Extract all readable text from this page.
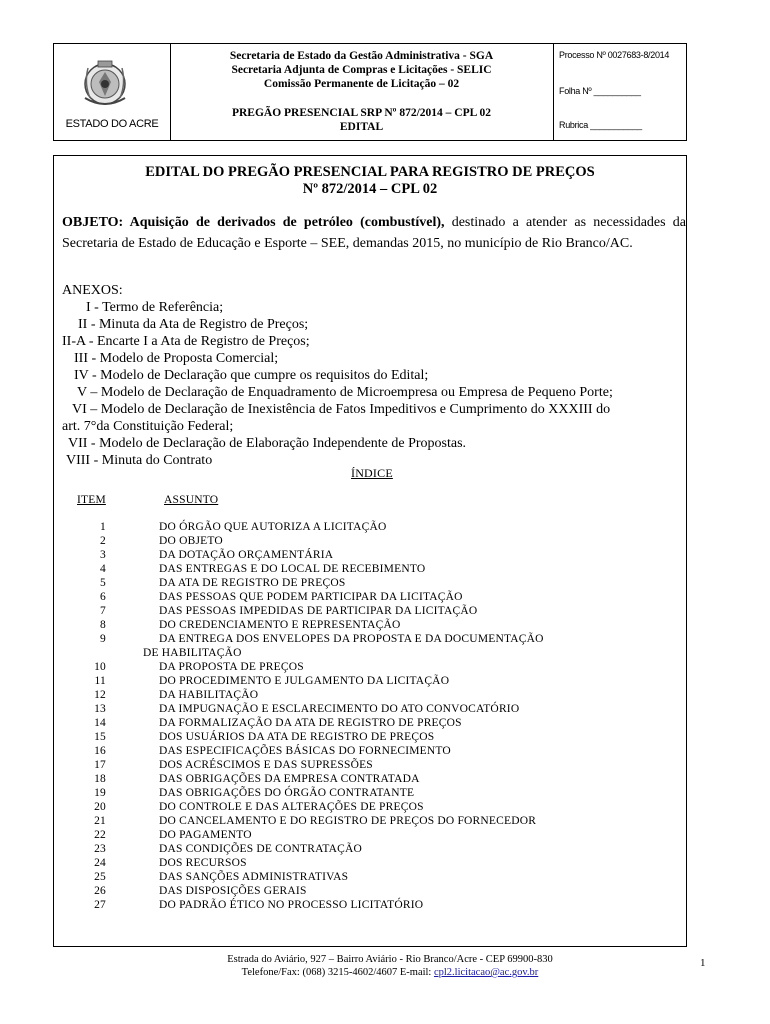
ESTADO DO ACRE
Secretaria de Estado da Gestão Administrativa - SGA
Secretaria Adjunta de Compras e Licitações - SELIC
Comissão Permanente de Licitação – 02
PREGÃO PRESENCIAL SRP Nº 872/2014 – CPL 02
EDITAL
Processo Nº 0027683-8/2014
Folha Nº __________
Rubrica ___________
EDITAL DO PREGÃO PRESENCIAL PARA REGISTRO DE PREÇOS
Nº 872/2014 – CPL 02
OBJETO: Aquisição de derivados de petróleo (combustível), destinado a atender as necessidades da Secretaria de Estado de Educação e Esporte – SEE, demandas 2015, no município de Rio Branco/AC.
ANEXOS:
I - Termo de Referência;
II - Minuta da Ata de Registro de Preços;
II-A - Encarte I a Ata de Registro de Preços;
III - Modelo de Proposta Comercial;
IV - Modelo de Declaração que cumpre os requisitos do Edital;
V – Modelo de Declaração de Enquadramento de Microempresa ou Empresa de Pequeno Porte;
VI – Modelo de Declaração de Inexistência de Fatos Impeditivos e Cumprimento do XXXIII do
art. 7°da Constituição Federal;
VII - Modelo de Declaração de Elaboração Independente de Propostas.
VIII - Minuta do Contrato
ÍNDICE
ITEM	ASSUNTO
1	DO ÓRGÃO QUE AUTORIZA A LICITAÇÃO
2	DO OBJETO
3	DA DOTAÇÃO ORÇAMENTÁRIA
4	DAS ENTREGAS E DO LOCAL DE RECEBIMENTO
5	DA ATA DE REGISTRO DE PREÇOS
6	DAS PESSOAS QUE PODEM PARTICIPAR DA LICITAÇÃO
7	DAS PESSOAS IMPEDIDAS DE PARTICIPAR DA LICITAÇÃO
8	DO CREDENCIAMENTO E REPRESENTAÇÃO
9	DA ENTREGA DOS ENVELOPES DA PROPOSTA E DA DOCUMENTAÇÃO
DE HABILITAÇÃO
10	DA PROPOSTA DE PREÇOS
11	DO PROCEDIMENTO E JULGAMENTO DA LICITAÇÃO
12	DA HABILITAÇÃO
13	DA IMPUGNAÇÃO E ESCLARECIMENTO DO ATO CONVOCATÓRIO
14	DA FORMALIZAÇÃO DA ATA DE REGISTRO DE PREÇOS
15	DOS USUÁRIOS DA ATA DE REGISTRO DE PREÇOS
16	DAS ESPECIFICAÇÕES BÁSICAS DO FORNECIMENTO
17	DOS ACRÉSCIMOS E DAS SUPRESSÕES
18	DAS OBRIGAÇÕES DA EMPRESA CONTRATADA
19	DAS OBRIGAÇÕES DO ÓRGÃO CONTRATANTE
20	DO CONTROLE E DAS ALTERAÇÕES DE PREÇOS
21	DO CANCELAMENTO E DO REGISTRO DE PREÇOS DO FORNECEDOR
22	DO PAGAMENTO
23	DAS CONDIÇÕES DE CONTRATAÇÃO
24	DOS RECURSOS
25	DAS SANÇÕES ADMINISTRATIVAS
26	DAS DISPOSIÇÕES GERAIS
27	DO PADRÃO ÉTICO NO PROCESSO LICITATÓRIO
Estrada do Aviário, 927 – Bairro Aviário - Rio Branco/Acre - CEP 69900-830
Telefone/Fax: (068) 3215-4602/4607 E-mail: cpl2.licitacao@ac.gov.br
1
